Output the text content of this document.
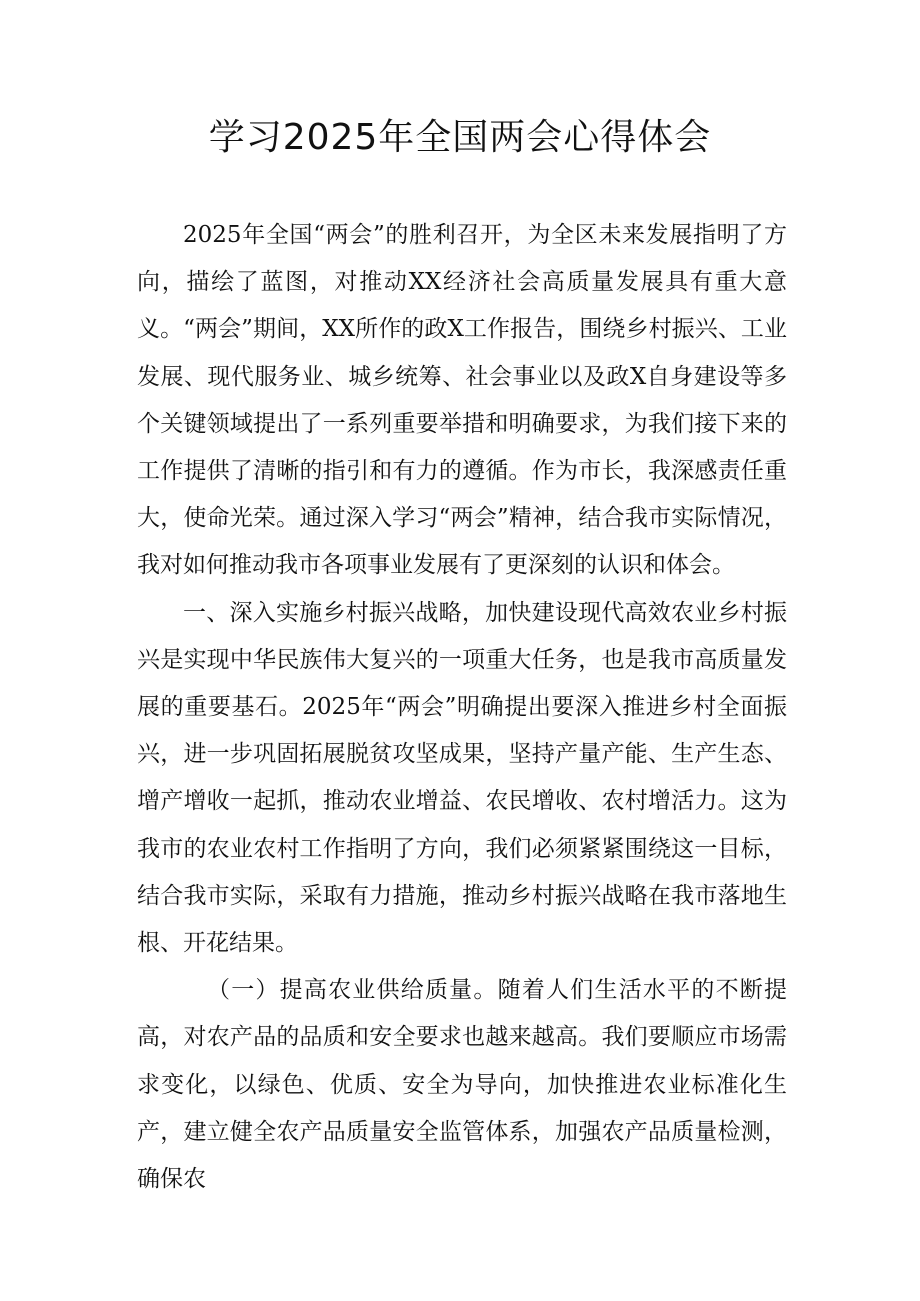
学习2025年全国两会心得体会

2025年全国“两会”的胜利召开，为全区未来发展指明了方向，描绘了蓝图，对推动XX经济社会高质量发展具有重大意义。“两会”期间，XX所作的政X工作报告，围绕乡村振兴、工业发展、现代服务业、城乡统筹、社会事业以及政X自身建设等多个关键领域提出了一系列重要举措和明确要求，为我们接下来的工作提供了清晰的指引和有力的遵循。作为市长，我深感责任重大，使命光荣。通过深入学习“两会”精神，结合我市实际情况，我对如何推动我市各项事业发展有了更深刻的认识和体会。

一、深入实施乡村振兴战略，加快建设现代高效农业乡村振兴是实现中华民族伟大复兴的一项重大任务，也是我市高质量发展的重要基石。2025年“两会”明确提出要深入推进乡村全面振兴，进一步巩固拓展脱贫攻坚成果，坚持产量产能、生产生态、增产增收一起抓，推动农业增益、农民增收、农村增活力。这为我市的农业农村工作指明了方向，我们必须紧紧围绕这一目标，结合我市实际，采取有力措施，推动乡村振兴战略在我市落地生根、开花结果。

（一）提高农业供给质量。随着人们生活水平的不断提高，对农产品的品质和安全要求也越来越高。我们要顺应市场需求变化，以绿色、优质、安全为导向，加快推进农业标准化生产，建立健全农产品质量安全监管体系，加强农产品质量检测，确保农
